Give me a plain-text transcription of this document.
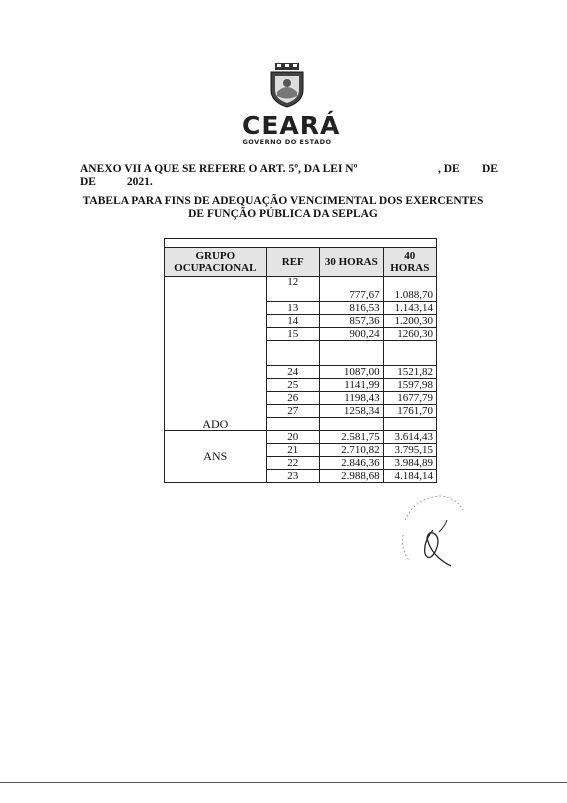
CEARÁ
GOVERNO DO ESTADO
ANEXO VII A QUE SE REFERE O ART. 5º, DA LEI Nº	, DE DE
DE	2021.
TABELA PARA FINS DE ADEQUAÇÃO VENCIMENTAL DOS EXERCENTES
DE FUNÇÃO PÚBLICA DA SEPLAG

GRUPO OCUPACIONAL	REF	30 HORAS	40 HORAS
ADO	12	777,67	1.088,70
	13	816,53	1.143,14
	14	857,36	1.200,30
	15	900,24	1260,30

	24	1087,00	1521,82
	25	1141,99	1597,98
	26	1198,43	1677,79
	27	1258,34	1761,70

ANS	20	2.581,75	3.614,43
	21	2.710,82	3.795,15
	22	2.846,36	3.984,89
	23	2.988,68	4.184,14
